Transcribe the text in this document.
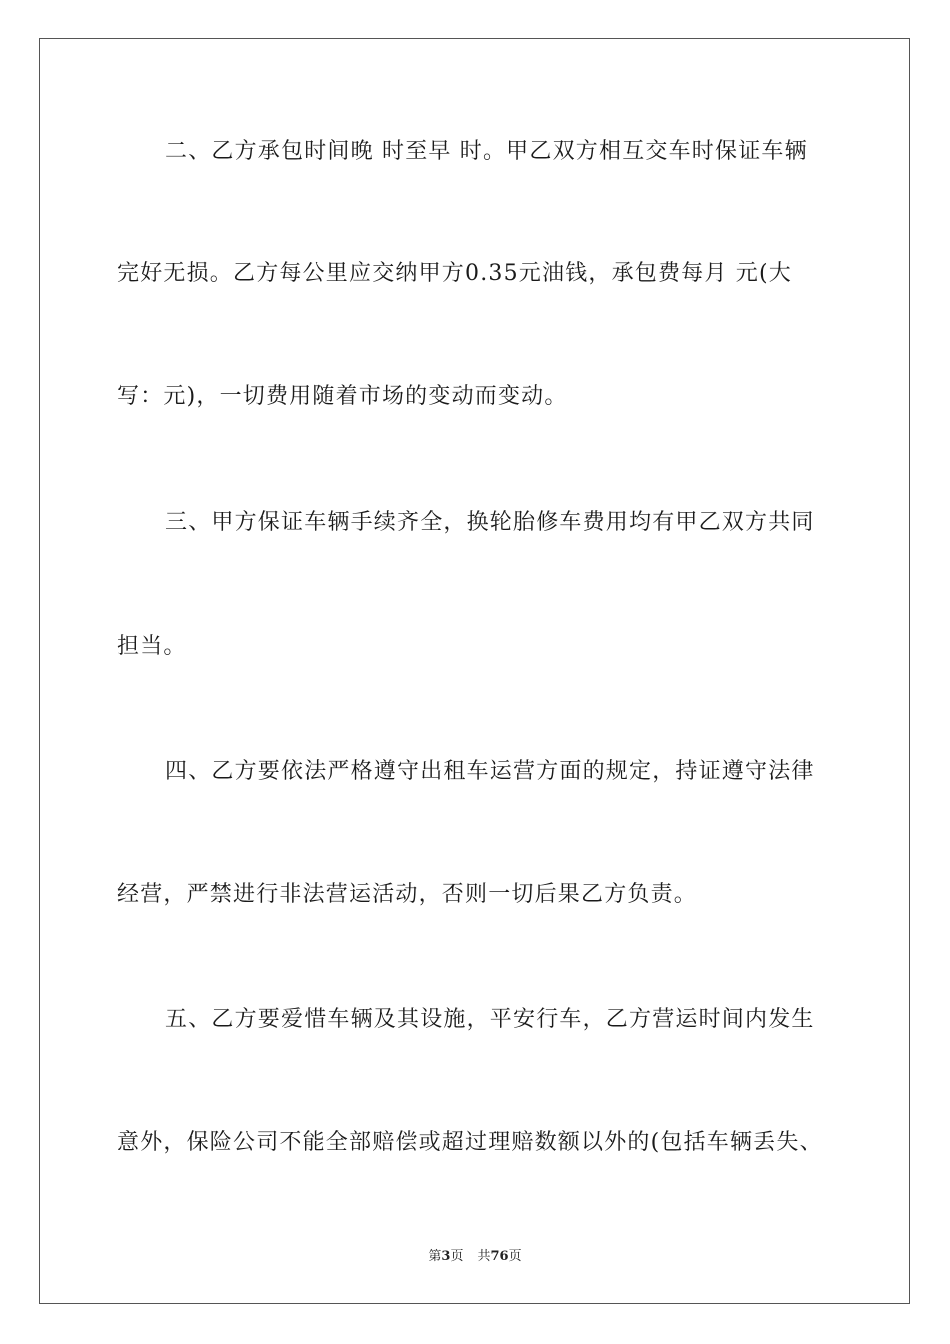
二、乙方承包时间晚 时至早 时。甲乙双方相互交车时保证车辆
完好无损。乙方每公里应交纳甲方0.35元油钱，承包费每月 元(大
写：元)，一切费用随着市场的变动而变动。
三、甲方保证车辆手续齐全，换轮胎修车费用均有甲乙双方共同
担当。
四、乙方要依法严格遵守出租车运营方面的规定，持证遵守法律
经营，严禁进行非法营运活动，否则一切后果乙方负责。
五、乙方要爱惜车辆及其设施，平安行车，乙方营运时间内发生
意外，保险公司不能全部赔偿或超过理赔数额以外的(包括车辆丢失、
第3页 共76页
